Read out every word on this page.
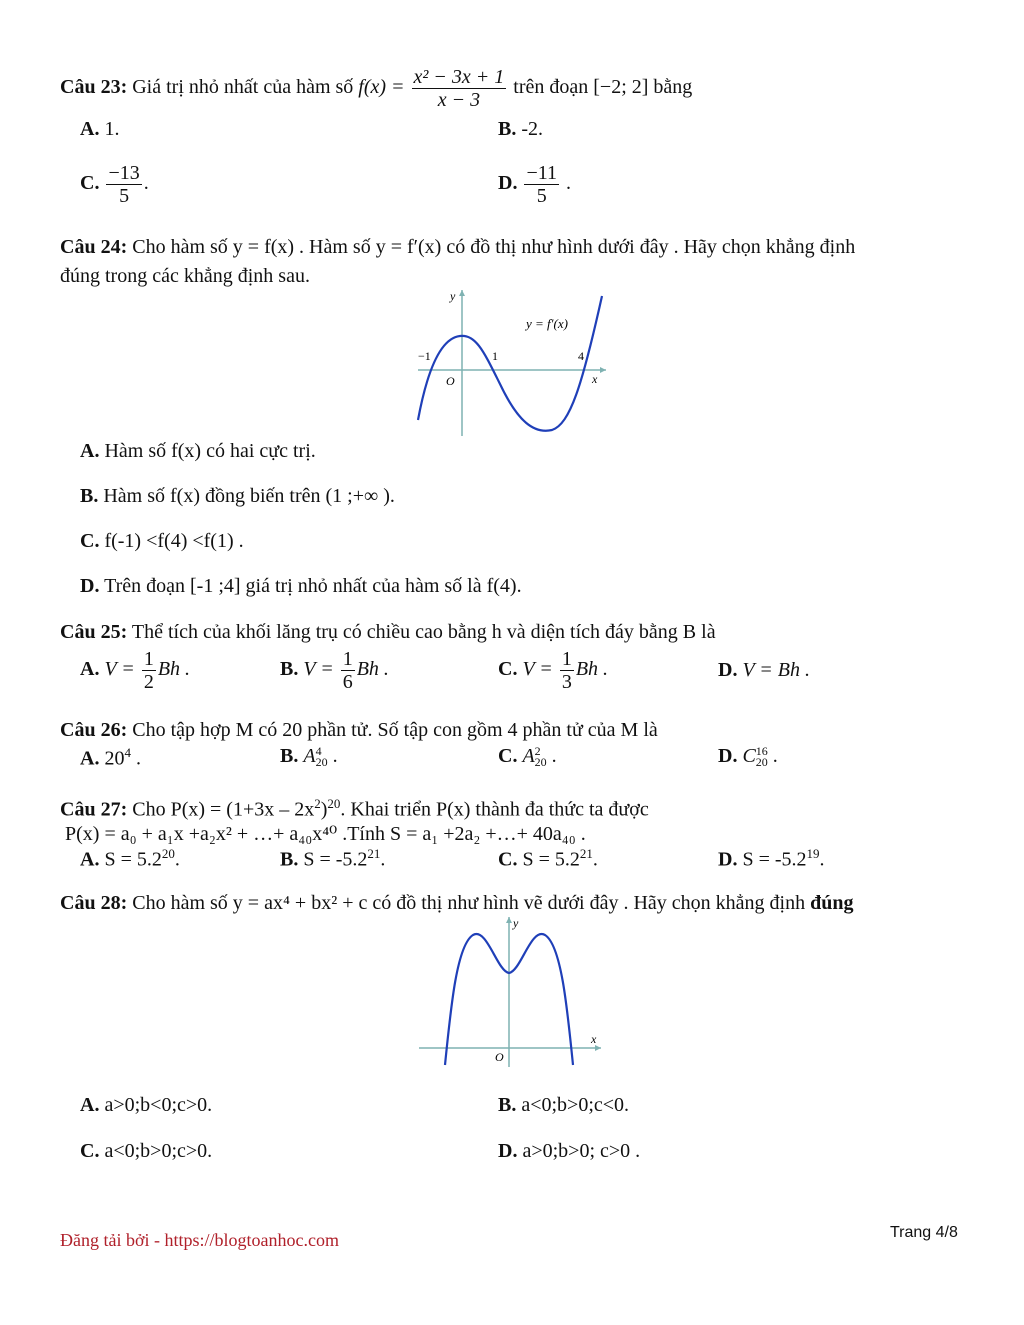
Câu 23: Giá trị nhỏ nhất của hàm số $f(x) = \frac{\text{x² − 3x + 1}}{x - 3}$ trên đoạn [−2; 2] bằng
A. 1.	B. -2.
C. $\frac{-13}{5}$ .	D. $\frac{-11}{5}$ .
Câu 24: Cho hàm số y = f(x) . Hàm số y = f′(x) có đồ thị như hình dưới đây . Hãy chọn khẳng định
đúng trong các khẳng định sau.
y
x
O
−1	1	4
y = f′(x)
A. Hàm số f(x) có hai cực trị.
B. Hàm số f(x) đồng biến trên (1 ;+∞ ).
C. f(-1) <f(4) <f(1) .
D. Trên đoạn [-1 ;4] giá trị nhỏ nhất của hàm số là f(4).
Câu 25: Thể tích của khối lăng trụ có chiều cao bằng h và diện tích đáy bằng B là
A. $V = \frac{1}{2}$ Bh .	B. $V = \frac{1}{6}$ Bh .	C. $V = \frac{1}{3}$ Bh .	D. V = Bh .
Câu 26: Cho tập hợp M có 20 phần tử. Số tập con gồm 4 phần tử của M là
A. $20^4$ .	B. A 4
20 .	C. A 2
20 .	D. C 16
20 .
Câu 27: Cho $P(x) = (1+3x - 2x^2)^{20}$. Khai triển P(x) thành đa thức ta được
P(x) = a₀ + a₁x +a₂x² + …+ a₄₀x⁴⁰ .Tính S = a₁ +2a₂ +…+ 40a₄₀ .
A. $S = 5.2^{20}$.	B. $S = -5.2^{21}$.	C. $S = 5.2^{21}$.	D. $S = -5.2^{19}$.
Câu 28: Cho hàm số y = ax⁴ + bx² + c có đồ thị như hình vẽ dưới đây . Hãy chọn khẳng định đúng
y
x
O
A. a>0;b<0;c>0.	B. a<0;b>0;c<0.
C. a<0;b>0;c>0.	D. a>0;b>0; c>0 .
Đăng tải bởi - https://blogtoanhoc.com	Trang 4/8
